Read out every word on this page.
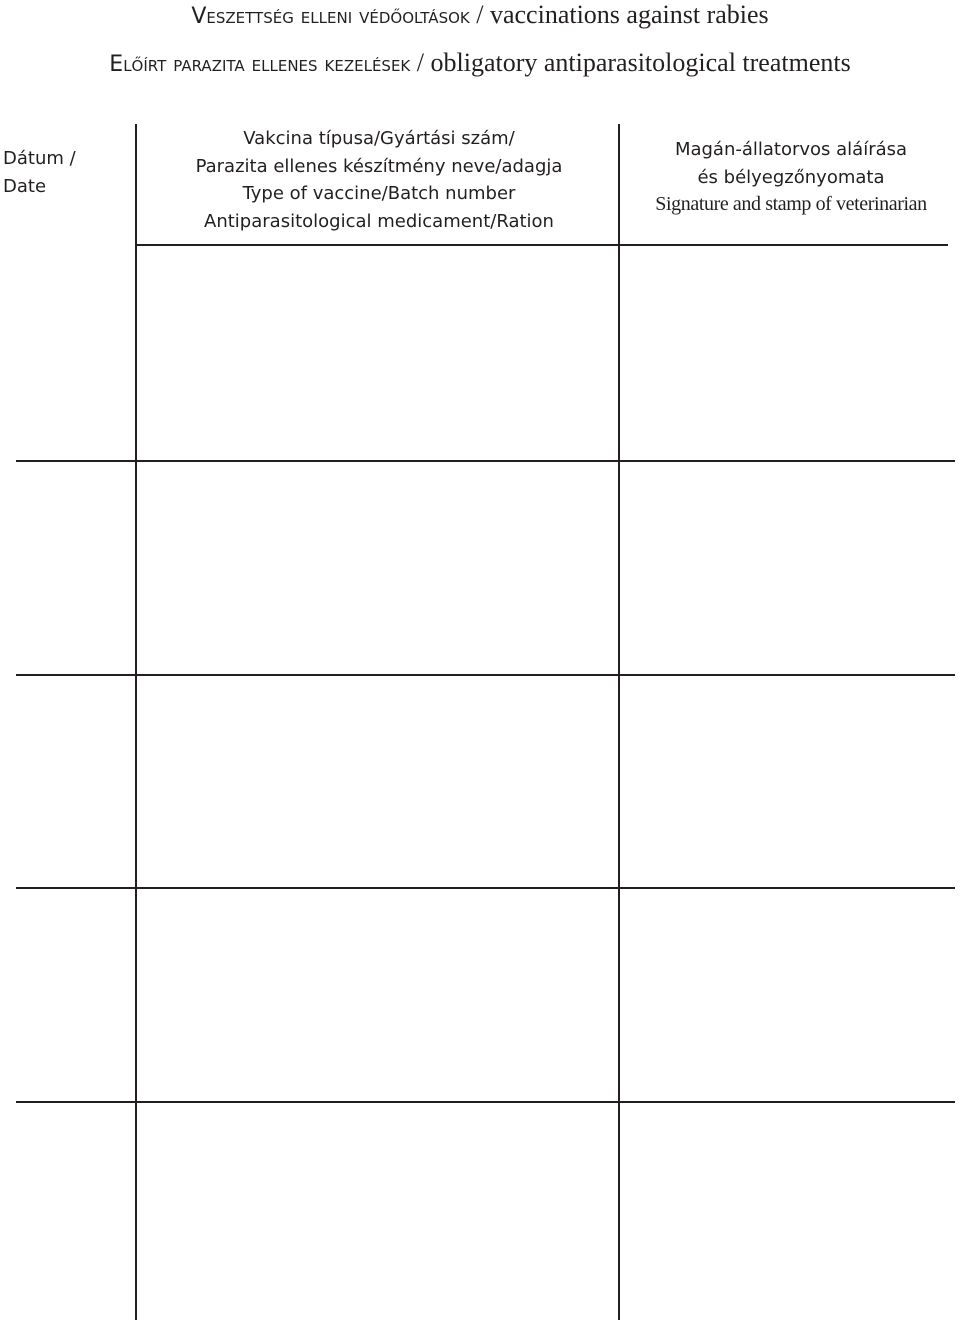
Veszettség elleni védőoltások / vaccinations against rabies
Előírt parazita ellenes kezelések / obligatory antiparasitological treatments
Dátum /
Date
Vakcina típusa/Gyártási szám/
Parazita ellenes készítmény neve/adagja
Type of vaccine/Batch number
Antiparasitological medicament/Ration
Magán-állatorvos aláírása
és bélyegzőnyomata
Signature and stamp of veterinarian
